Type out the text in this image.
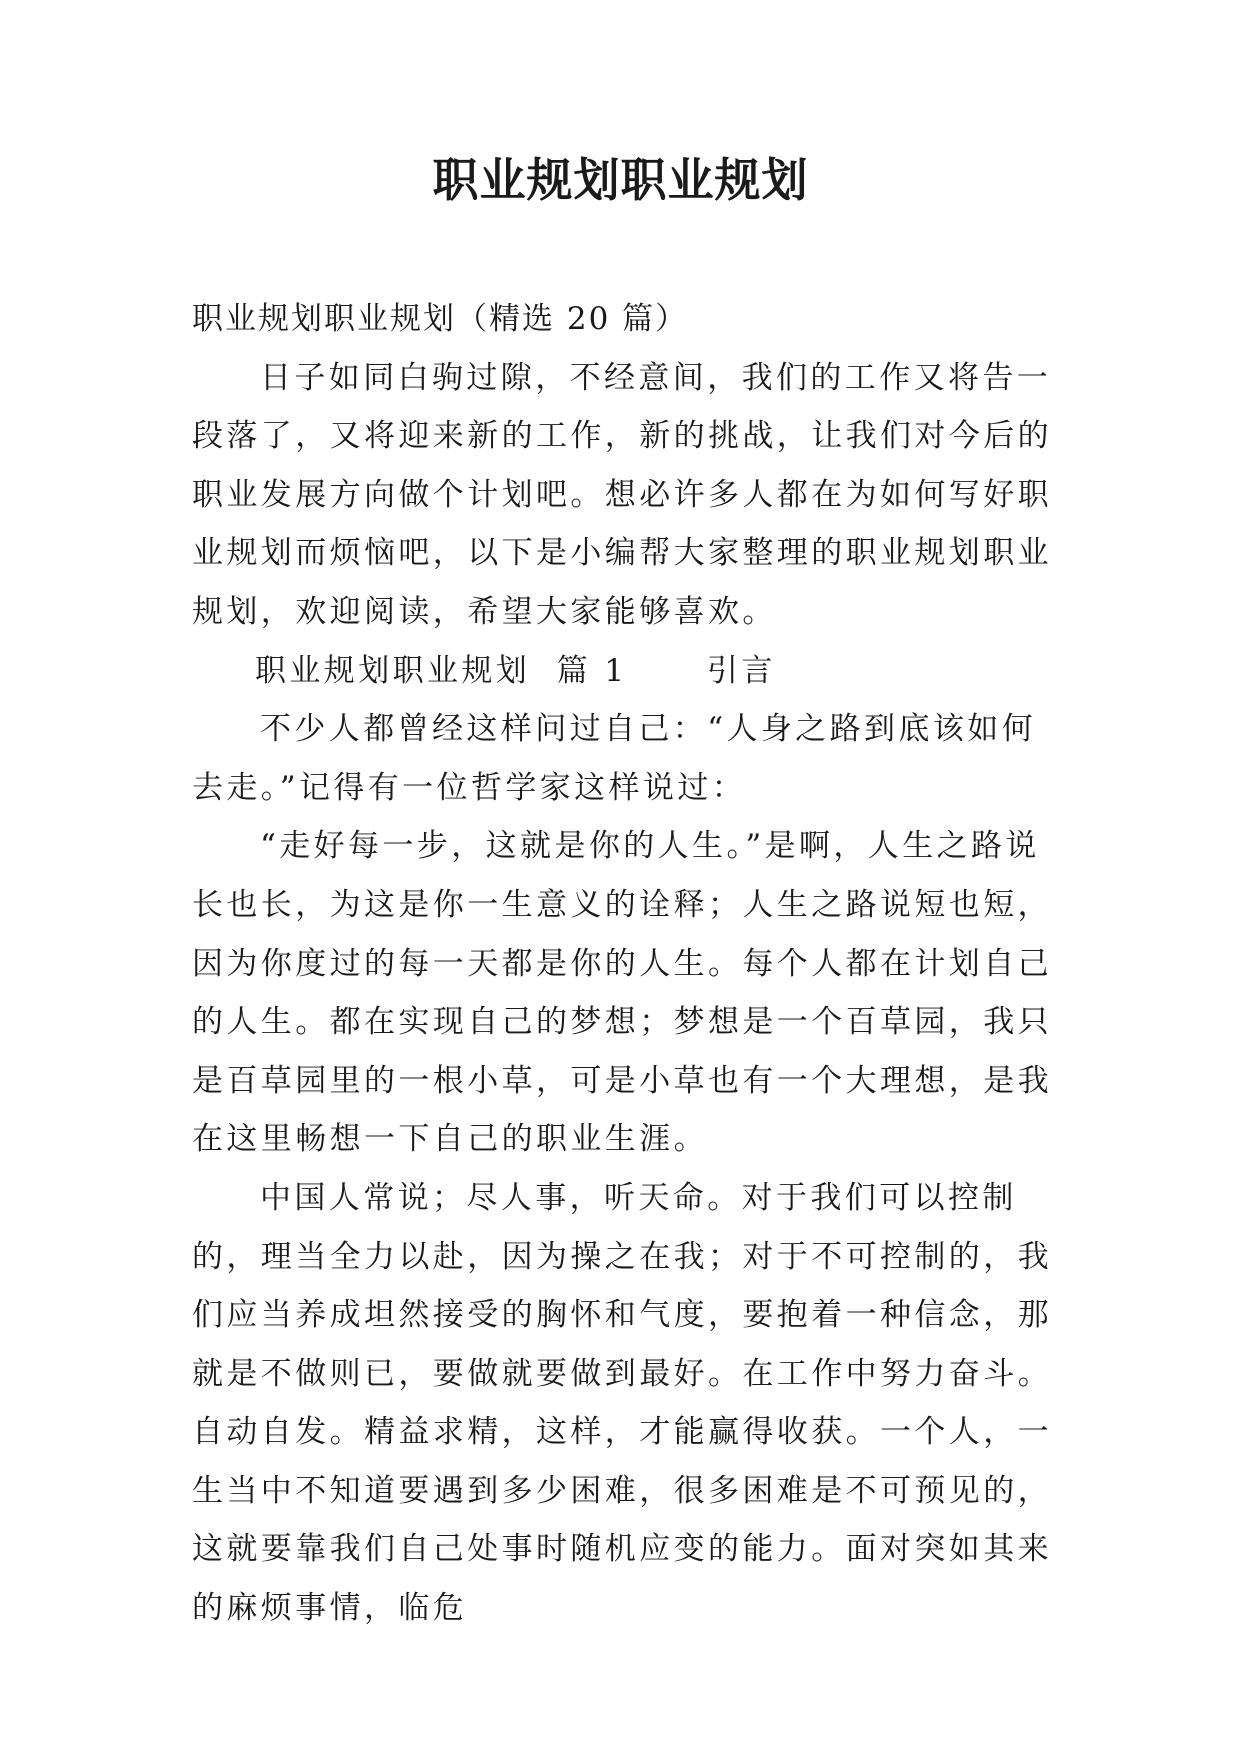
职业规划职业规划

职业规划职业规划（精选 20 篇）

日子如同白驹过隙，不经意间，我们的工作又将告一段落了，又将迎来新的工作，新的挑战，让我们对今后的职业发展方向做个计划吧。想必许多人都在为如何写好职业规划而烦恼吧，以下是小编帮大家整理的职业规划职业规划，欢迎阅读，希望大家能够喜欢。

职业规划职业规划  篇 1      引言

不少人都曾经这样问过自己：“人身之路到底该如何去走。”记得有一位哲学家这样说过：

“走好每一步，这就是你的人生。”是啊，人生之路说长也长，为这是你一生意义的诠释；人生之路说短也短，因为你度过的每一天都是你的人生。每个人都在计划自己的人生。都在实现自己的梦想；梦想是一个百草园，我只是百草园里的一根小草，可是小草也有一个大理想，是我在这里畅想一下自己的职业生涯。

中国人常说；尽人事，听天命。对于我们可以控制的，理当全力以赴，因为操之在我；对于不可控制的，我们应当养成坦然接受的胸怀和气度，要抱着一种信念，那就是不做则已，要做就要做到最好。在工作中努力奋斗。自动自发。精益求精，这样，才能赢得收获。一个人，一生当中不知道要遇到多少困难，很多困难是不可预见的，这就要靠我们自己处事时随机应变的能力。面对突如其来的麻烦事情，临危
